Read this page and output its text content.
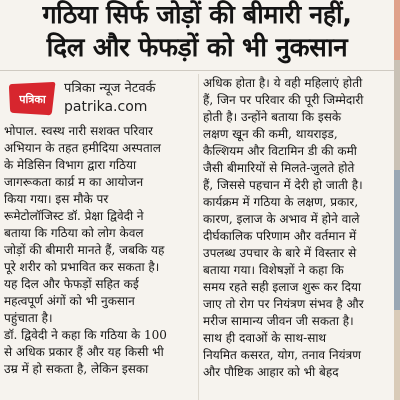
गठिया सिर्फ जोड़ों की बीमारी नहीं,
दिल और फेफड़ों को भी नुकसान
पत्रिका
पत्रिका न्यूज नेटवर्क
patrika.com
भोपाल. स्वस्थ नारी सशक्त परिवार
अभियान के तहत हमीदिया अस्पताल
के मेडिसिन विभाग द्वारा गठिया
जागरूकता कार्य्र म का आयोजन
किया गया। इस मौके पर
रूमेटोलॉजिस्ट डॉ. प्रेक्षा द्विवेदी ने
बताया कि गठिया को लोग केवल
जोड़ों की बीमारी मानते हैं, जबकि यह
पूरे शरीर को प्रभावित कर सकता है।
यह दिल और फेफड़ों सहित कई
महत्वपूर्ण अंगों को भी नुकसान
पहुंचाता है।
डॉ. द्विवेदी ने कहा कि गठिया के 100
से अधिक प्रकार हैं और यह किसी भी
उम्र में हो सकता है, लेकिन इसका
अधिक होता है। ये वही महिलाएं होती
हैं, जिन पर परिवार की पूरी जिम्मेदारी
होती है। उन्होंने बताया कि इसके
लक्षण खून की कमी, थायराइड,
कैल्शियम और विटामिन डी की कमी
जैसी बीमारियों से मिलते-जुलते होते
हैं, जिससे पहचान में देरी हो जाती है।
कार्यक्रम में गठिया के लक्षण, प्रकार,
कारण, इलाज के अभाव में होने वाले
दीर्घकालिक परिणाम और वर्तमान में
उपलब्ध उपचार के बारे में विस्तार से
बताया गया। विशेषज्ञों ने कहा कि
समय रहते सही इलाज शुरू कर दिया
जाए तो रोग पर नियंत्रण संभव है और
मरीज सामान्य जीवन जी सकता है।
साथ ही दवाओं के साथ-साथ
नियमित कसरत, योग, तनाव नियंत्रण
और पौष्टिक आहार को भी बेहद
